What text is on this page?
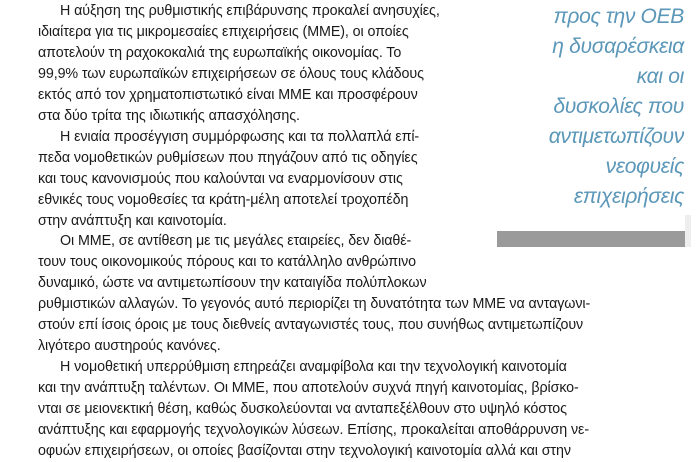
Η αύξηση της ρυθμιστικής επιβάρυνσης προκαλεί ανησυχίες,
ιδιαίτερα για τις μικρομεσαίες επιχειρήσεις (ΜΜΕ), οι οποίες
αποτελούν τη ραχοκοκαλιά της ευρωπαϊκής οικονομίας. Το
99,9% των ευρωπαϊκών επιχειρήσεων σε όλους τους κλάδους
εκτός από τον χρηματοπιστωτικό είναι ΜΜΕ και προσφέρουν
στα δύο τρίτα της ιδιωτικής απασχόλησης.

Η ενιαία προσέγγιση συμμόρφωσης και τα πολλαπλά επί-
πεδα νομοθετικών ρυθμίσεων που πηγάζουν από τις οδηγίες
και τους κανονισμούς που καλούνται να εναρμονίσουν στις
εθνικές τους νομοθεσίες τα κράτη-μέλη αποτελεί τροχοπέδη
στην ανάπτυξη και καινοτομία.

προς την ΟΕΒ
η δυσαρέσκεια
και οι
δυσκολίες που
αντιμετωπίζουν
νεοφυείς
επιχειρήσεις

Οι ΜΜΕ, σε αντίθεση με τις μεγάλες εταιρείες, δεν διαθέ-
τουν τους οικονομικούς πόρους και το κατάλληλο ανθρώπινο
δυναμικό, ώστε να αντιμετωπίσουν την καταιγίδα πολύπλοκων
ρυθμιστικών αλλαγών. Το γεγονός αυτό περιορίζει τη δυνατότητα των ΜΜΕ να ανταγωνι-
στούν επί ίσοις όροις με τους διεθνείς ανταγωνιστές τους, που συνήθως αντιμετωπίζουν
λιγότερο αυστηρούς κανόνες.

Η νομοθετική υπερρύθμιση επηρεάζει αναμφίβολα και την τεχνολογική καινοτομία
και την ανάπτυξη ταλέντων. Οι ΜΜΕ, που αποτελούν συχνά πηγή καινοτομίας, βρίσκο-
νται σε μειονεκτική θέση, καθώς δυσκολεύονται να ανταπεξέλθουν στο υψηλό κόστος
ανάπτυξης και εφαρμογής τεχνολογικών λύσεων. Επίσης, προκαλείται αποθάρρυνση νε-
οφυών επιχειρήσεων, οι οποίες βασίζονται στην τεχνολογική καινοτομία αλλά και στην
